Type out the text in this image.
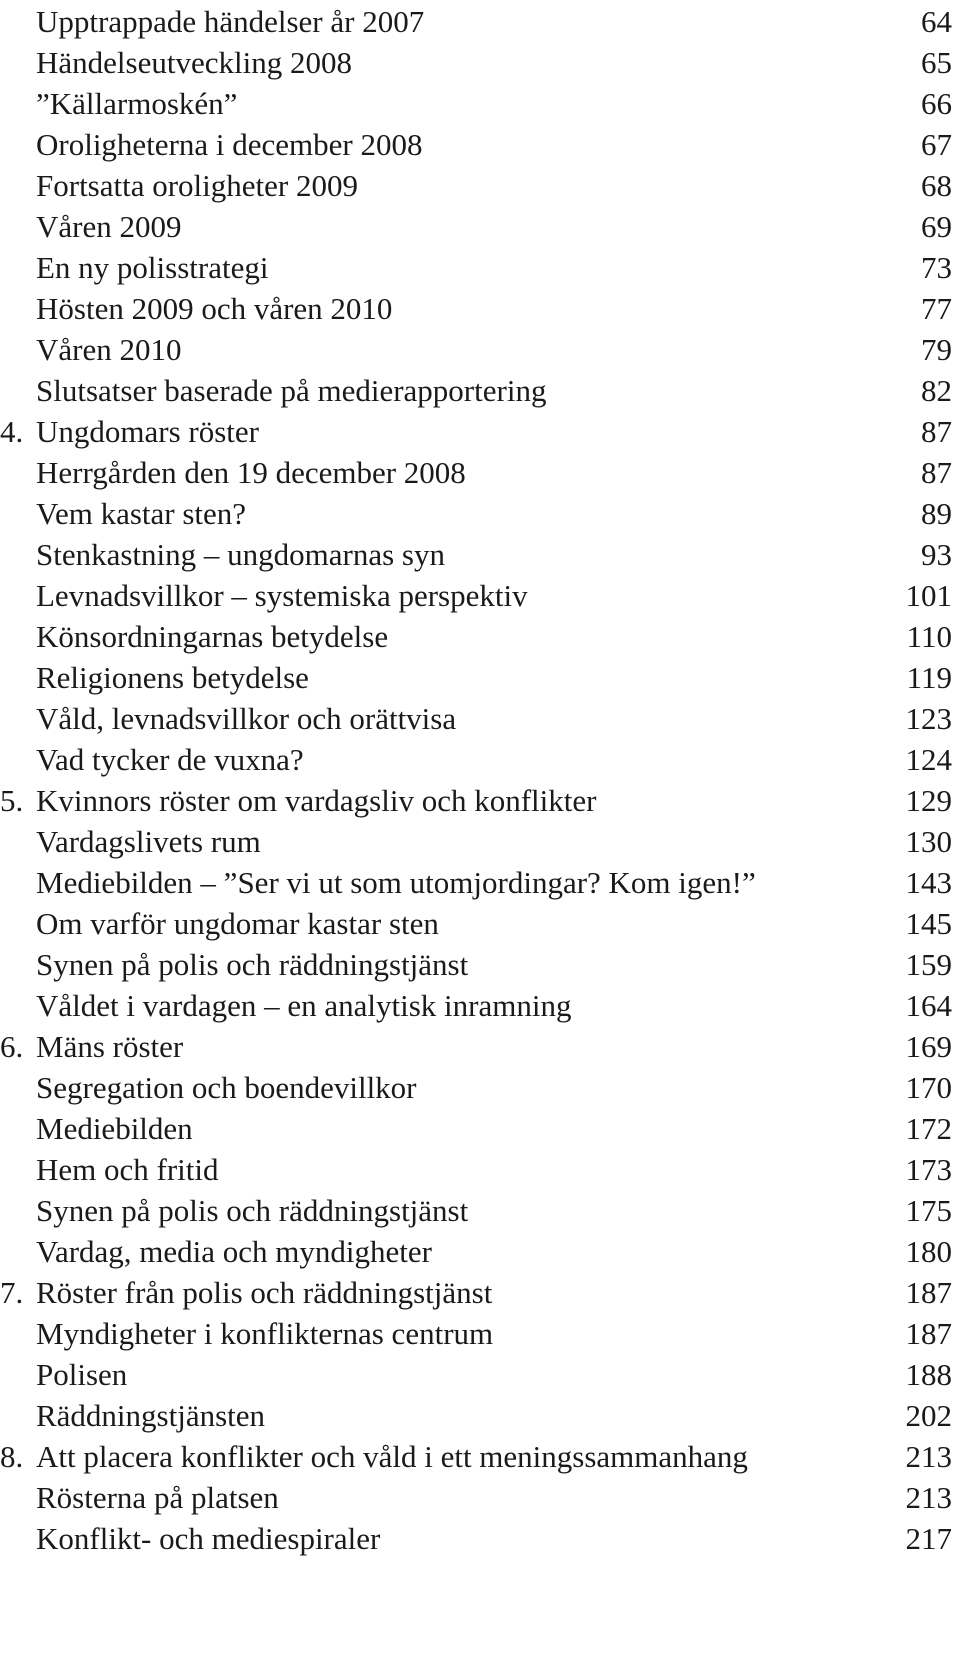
Upptrappade händelser år 2007	64
Händelseutveckling 2008	65
”Källarmoskén”	66
Oroligheterna i december 2008	67
Fortsatta oroligheter 2009	68
Våren 2009	69
En ny polisstrategi	73
Hösten 2009 och våren 2010	77
Våren 2010	79
Slutsatser baserade på medierapportering	82
4. Ungdomars röster	87
Herrgården den 19 december 2008	87
Vem kastar sten?	89
Stenkastning – ungdomarnas syn	93
Levnadsvillkor – systemiska perspektiv	101
Könsordningarnas betydelse	110
Religionens betydelse	119
Våld, levnadsvillkor och orättvisa	123
Vad tycker de vuxna?	124
5. Kvinnors röster om vardagsliv och konflikter	129
Vardagslivets rum	130
Mediebilden – ”Ser vi ut som utomjordingar? Kom igen!”	143
Om varför ungdomar kastar sten	145
Synen på polis och räddningstjänst	159
Våldet i vardagen – en analytisk inramning	164
6. Mäns röster	169
Segregation och boendevillkor	170
Mediebilden	172
Hem och fritid	173
Synen på polis och räddningstjänst	175
Vardag, media och myndigheter	180
7. Röster från polis och räddningstjänst	187
Myndigheter i konflikternas centrum	187
Polisen	188
Räddningstjänsten	202
8. Att placera konflikter och våld i ett meningssammanhang	213
Rösterna på platsen	213
Konflikt- och mediespiraler	217
